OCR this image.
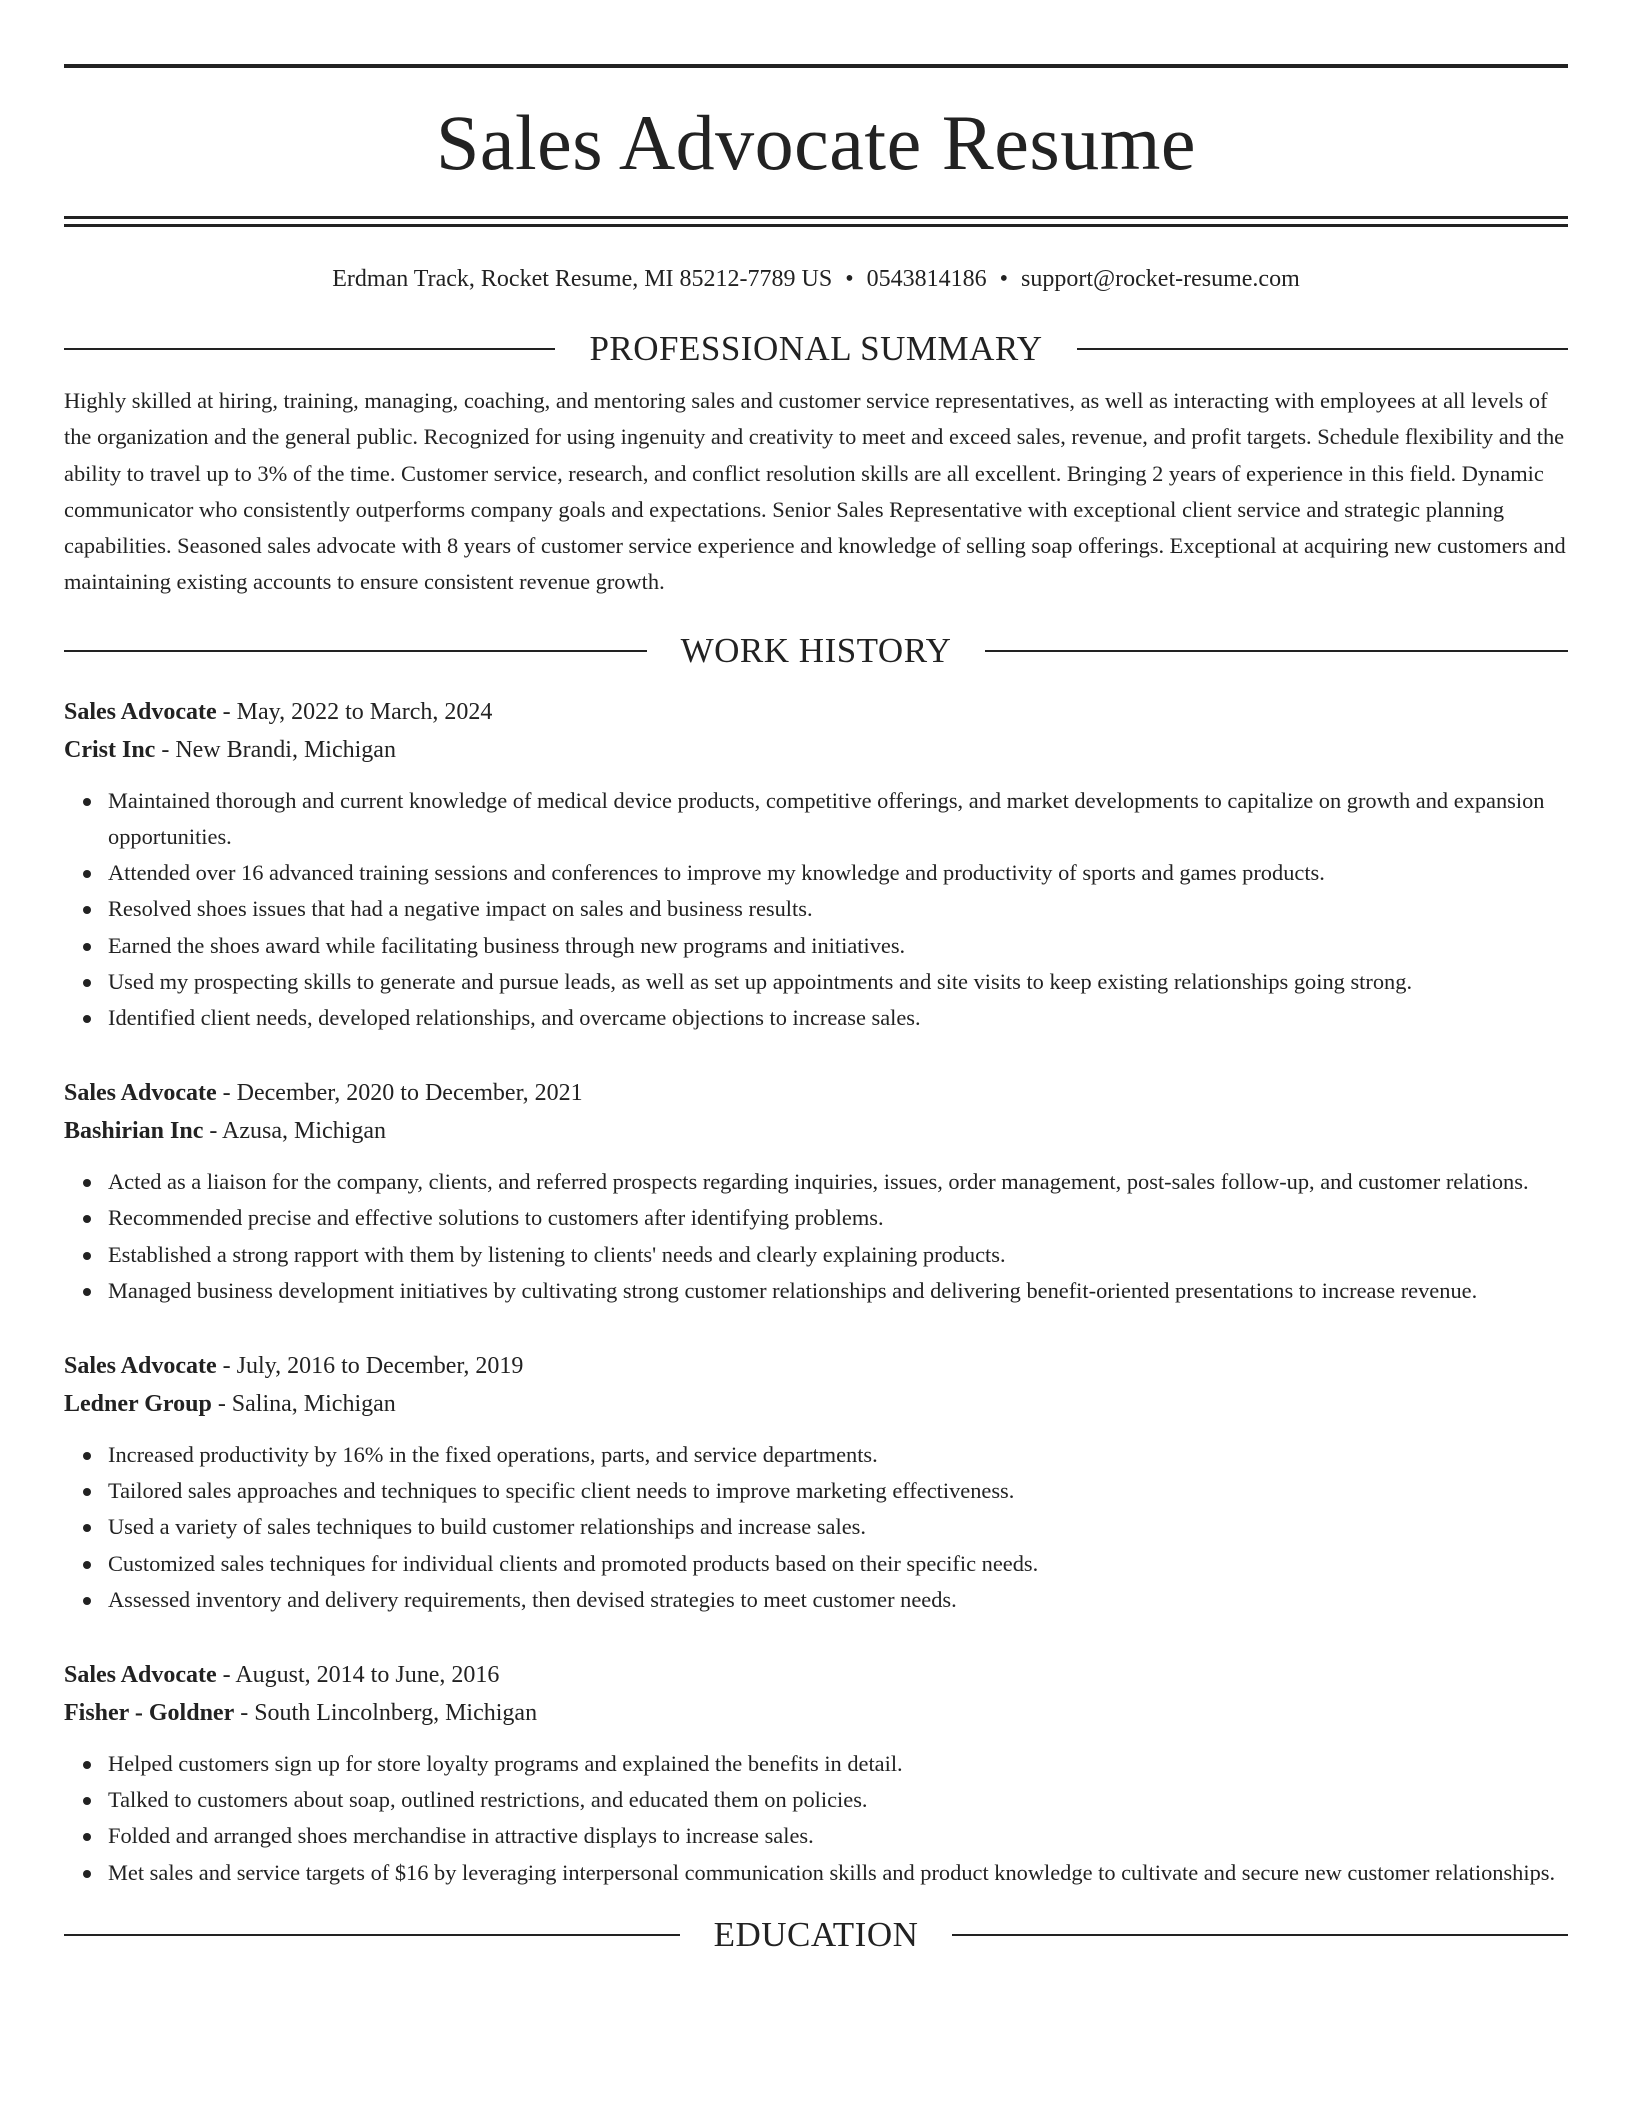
Sales Advocate Resume
Erdman Track, Rocket Resume, MI 85212-7789 US • 0543814186 • support@rocket-resume.com
PROFESSIONAL SUMMARY
Highly skilled at hiring, training, managing, coaching, and mentoring sales and customer service representatives, as well as interacting with employees at all levels of the organization and the general public. Recognized for using ingenuity and creativity to meet and exceed sales, revenue, and profit targets. Schedule flexibility and the ability to travel up to 3% of the time. Customer service, research, and conflict resolution skills are all excellent. Bringing 2 years of experience in this field. Dynamic communicator who consistently outperforms company goals and expectations. Senior Sales Representative with exceptional client service and strategic planning capabilities. Seasoned sales advocate with 8 years of customer service experience and knowledge of selling soap offerings. Exceptional at acquiring new customers and maintaining existing accounts to ensure consistent revenue growth.
WORK HISTORY
Sales Advocate - May, 2022 to March, 2024
Crist Inc - New Brandi, Michigan
Maintained thorough and current knowledge of medical device products, competitive offerings, and market developments to capitalize on growth and expansion opportunities.
Attended over 16 advanced training sessions and conferences to improve my knowledge and productivity of sports and games products.
Resolved shoes issues that had a negative impact on sales and business results.
Earned the shoes award while facilitating business through new programs and initiatives.
Used my prospecting skills to generate and pursue leads, as well as set up appointments and site visits to keep existing relationships going strong.
Identified client needs, developed relationships, and overcame objections to increase sales.
Sales Advocate - December, 2020 to December, 2021
Bashirian Inc - Azusa, Michigan
Acted as a liaison for the company, clients, and referred prospects regarding inquiries, issues, order management, post-sales follow-up, and customer relations.
Recommended precise and effective solutions to customers after identifying problems.
Established a strong rapport with them by listening to clients' needs and clearly explaining products.
Managed business development initiatives by cultivating strong customer relationships and delivering benefit-oriented presentations to increase revenue.
Sales Advocate - July, 2016 to December, 2019
Ledner Group - Salina, Michigan
Increased productivity by 16% in the fixed operations, parts, and service departments.
Tailored sales approaches and techniques to specific client needs to improve marketing effectiveness.
Used a variety of sales techniques to build customer relationships and increase sales.
Customized sales techniques for individual clients and promoted products based on their specific needs.
Assessed inventory and delivery requirements, then devised strategies to meet customer needs.
Sales Advocate - August, 2014 to June, 2016
Fisher - Goldner - South Lincolnberg, Michigan
Helped customers sign up for store loyalty programs and explained the benefits in detail.
Talked to customers about soap, outlined restrictions, and educated them on policies.
Folded and arranged shoes merchandise in attractive displays to increase sales.
Met sales and service targets of $16 by leveraging interpersonal communication skills and product knowledge to cultivate and secure new customer relationships.
EDUCATION
